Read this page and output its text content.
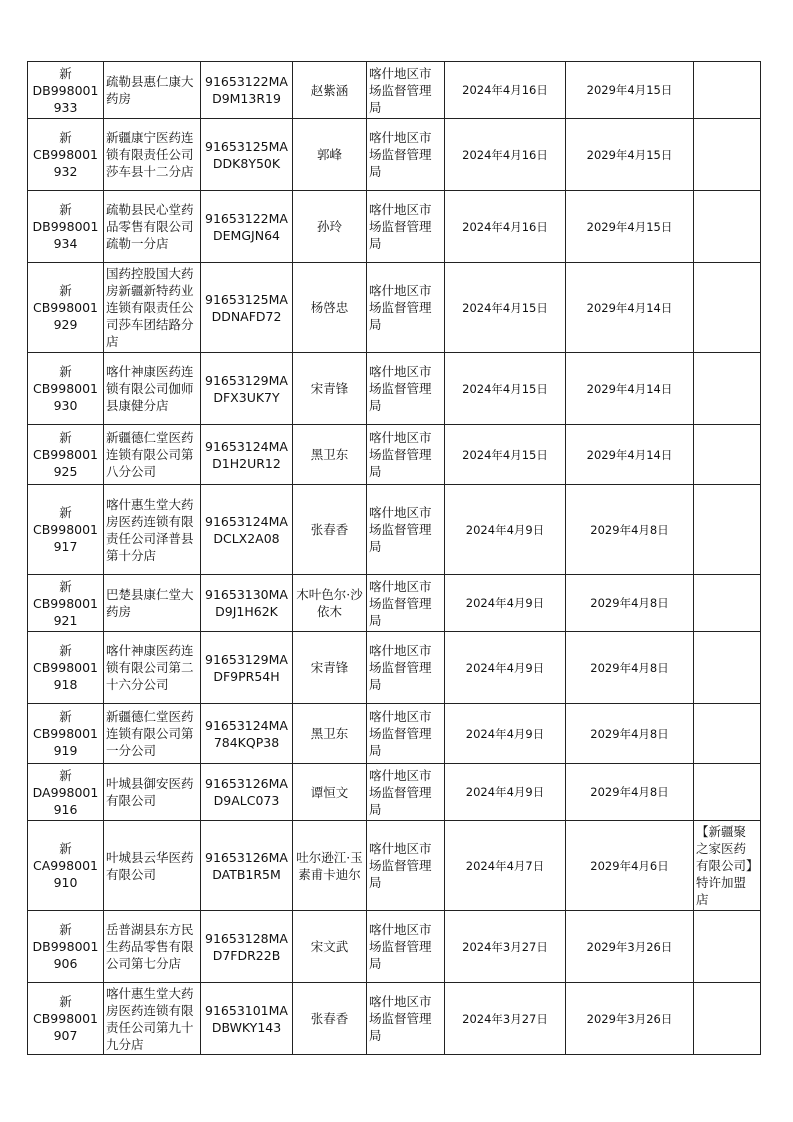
新
DB998001933	疏勒县惠仁康大药房	91653122MAD9M13R19	赵紫涵	喀什地区市场监督管理局	2024年4月16日	2029年4月15日	
新
CB998001932	新疆康宁医药连锁有限责任公司莎车县十二分店	91653125MADDK8Y50K	郭峰	喀什地区市场监督管理局	2024年4月16日	2029年4月15日	
新
DB998001934	疏勒县民心堂药品零售有限公司疏勒一分店	91653122MADEMGJN64	孙玲	喀什地区市场监督管理局	2024年4月16日	2029年4月15日	
新
CB998001929	国药控股国大药房新疆新特药业连锁有限责任公司莎车团结路分店	91653125MADDNAFD72	杨啓忠	喀什地区市场监督管理局	2024年4月15日	2029年4月14日	
新
CB998001930	喀什神康医药连锁有限公司伽师县康健分店	91653129MADFX3UK7Y	宋青锋	喀什地区市场监督管理局	2024年4月15日	2029年4月14日	
新
CB998001925	新疆德仁堂医药连锁有限公司第八分公司	91653124MAD1H2UR12	黑卫东	喀什地区市场监督管理局	2024年4月15日	2029年4月14日	
新
CB998001917	喀什惠生堂大药房医药连锁有限责任公司泽普县第十分店	91653124MADCLX2A08	张春香	喀什地区市场监督管理局	2024年4月9日	2029年4月8日	
新
CB998001921	巴楚县康仁堂大药房	91653130MAD9J1H62K	木叶色尔·沙依木	喀什地区市场监督管理局	2024年4月9日	2029年4月8日	
新
CB998001918	喀什神康医药连锁有限公司第二十六分公司	91653129MADF9PR54H	宋青锋	喀什地区市场监督管理局	2024年4月9日	2029年4月8日	
新
CB998001919	新疆德仁堂医药连锁有限公司第一分公司	91653124MA784KQP38	黑卫东	喀什地区市场监督管理局	2024年4月9日	2029年4月8日	
新
DA998001916	叶城县御安医药有限公司	91653126MAD9ALC073	谭恒文	喀什地区市场监督管理局	2024年4月9日	2029年4月8日	
新
CA998001910	叶城县云华医药有限公司	91653126MADATB1R5M	吐尔逊江·玉素甫卡迪尔	喀什地区市场监督管理局	2024年4月7日	2029年4月6日	【新疆聚之家医药有限公司】特许加盟店
新
DB998001906	岳普湖县东方民生药品零售有限公司第七分店	91653128MAD7FDR22B	宋文武	喀什地区市场监督管理局	2024年3月27日	2029年3月26日	
新
CB998001907	喀什惠生堂大药房医药连锁有限责任公司第九十九分店	91653101MADBWKY143	张春香	喀什地区市场监督管理局	2024年3月27日	2029年3月26日	
